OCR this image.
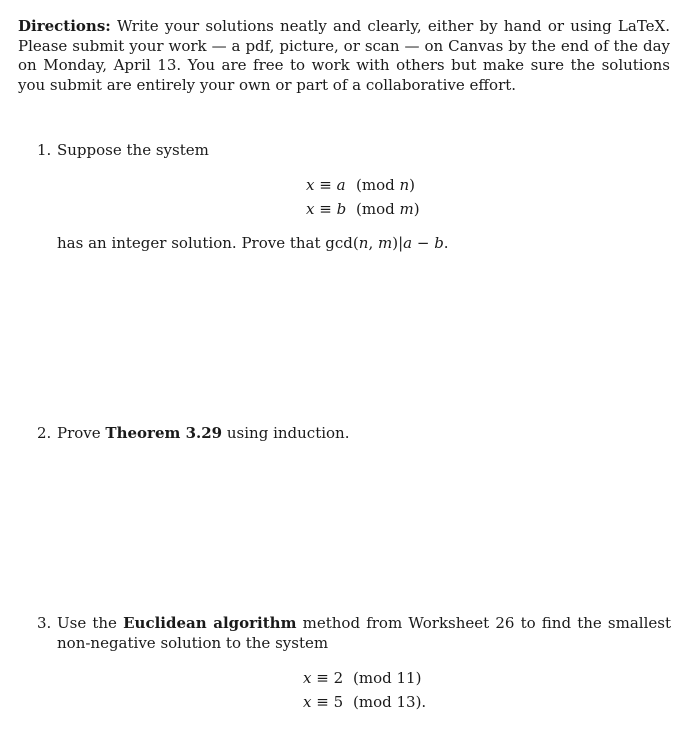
Directions: Write your solutions neatly and clearly, either by hand or using LaTeX. Please submit your work — a pdf, picture, or scan — on Canvas by the end of the day on Monday, April 13. You are free to work with others but make sure the solutions you submit are entirely your own or part of a collaborative effort.
1. Suppose the system
x ≡ a (mod n)
x ≡ b (mod m)
has an integer solution. Prove that gcd(n, m)|a − b.
2. Prove Theorem 3.29 using induction.
3. Use the Euclidean algorithm method from Worksheet 26 to find the smallest non-negative solution to the system
x ≡ 2 (mod 11)
x ≡ 5 (mod 13).
